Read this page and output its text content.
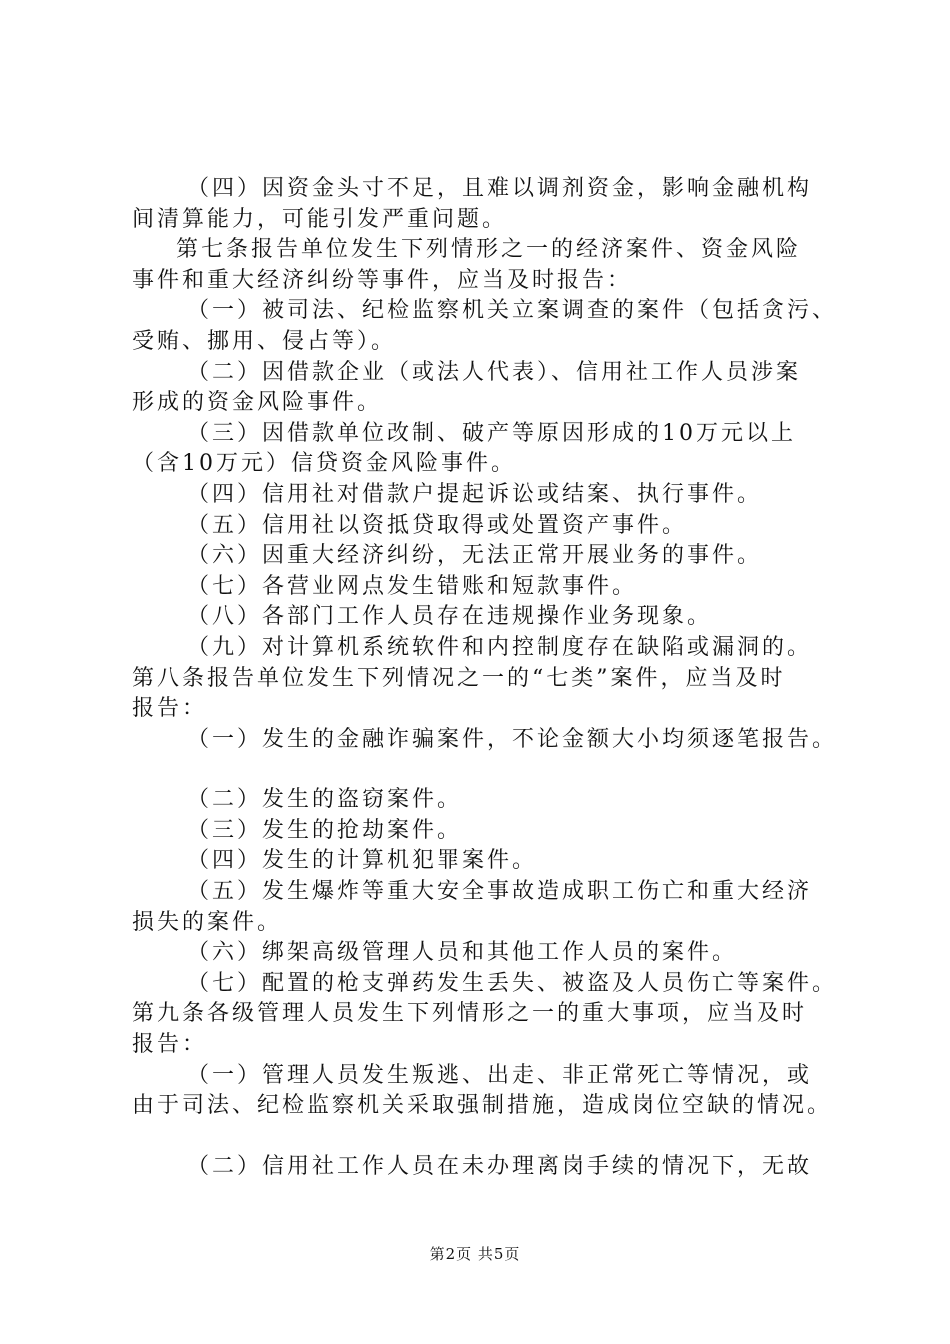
（四）因资金头寸不足，且难以调剂资金，影响金融机构
间清算能力，可能引发严重问题。
第七条报告单位发生下列情形之一的经济案件、资金风险
事件和重大经济纠纷等事件，应当及时报告：
（一）被司法、纪检监察机关立案调查的案件（包括贪污、
受贿、挪用、侵占等）。
（二）因借款企业（或法人代表）、信用社工作人员涉案
形成的资金风险事件。
（三）因借款单位改制、破产等原因形成的10万元以上
（含10万元）信贷资金风险事件。
（四）信用社对借款户提起诉讼或结案、执行事件。
（五）信用社以资抵贷取得或处置资产事件。
（六）因重大经济纠纷，无法正常开展业务的事件。
（七）各营业网点发生错账和短款事件。
（八）各部门工作人员存在违规操作业务现象。
（九）对计算机系统软件和内控制度存在缺陷或漏洞的。
第八条报告单位发生下列情况之一的“七类”案件，应当及时
报告：
（一）发生的金融诈骗案件，不论金额大小均须逐笔报告。
（二）发生的盗窃案件。
（三）发生的抢劫案件。
（四）发生的计算机犯罪案件。
（五）发生爆炸等重大安全事故造成职工伤亡和重大经济
损失的案件。
（六）绑架高级管理人员和其他工作人员的案件。
（七）配置的枪支弹药发生丢失、被盗及人员伤亡等案件。
第九条各级管理人员发生下列情形之一的重大事项，应当及时
报告：
（一）管理人员发生叛逃、出走、非正常死亡等情况，或
由于司法、纪检监察机关采取强制措施，造成岗位空缺的情况。
（二）信用社工作人员在未办理离岗手续的情况下，无故
第2页 共5页
